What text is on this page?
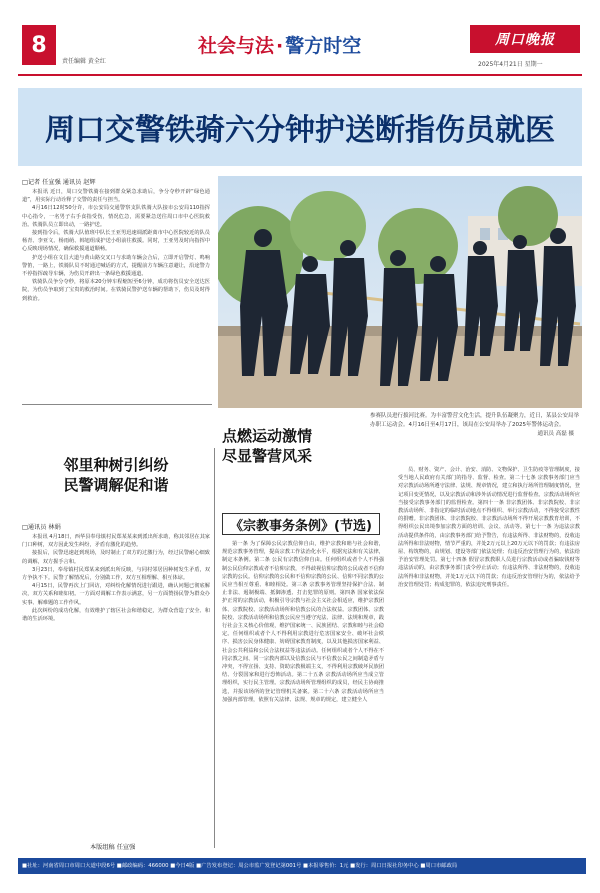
8
责任编辑 黄全红
社会与法 · 警方时空	周口晚报
2025年4月21日 星期一
周口交警铁骑六分钟护送断指伤员就医
□记者 任宣强 通讯员 赵辉
本报讯 近日，周口交警铁骑在接到群众紧急求助后，争分夺秒开辟“绿色通道”，用实际行动诠释了交警的责任与担当。
4月16日12时50分许，市公安局交通警察支队铁骑大队接市公安局110指挥中心指令，一名男子右手食指受伤，情况危急，需要紧急送往周口市中心医院救治。铁骑队员立即出动，一路护送。
接到指令后，铁骑大队值班中队长王亚男迅速调派距离市中心医院较近的队员杨青、李亚文、杨雨萌、韩旭组成护送小组前往救援。同时，王亚男及时向指挥中心反映现场情况，确保救援通道顺畅。
护送小组在文昌大道与黄山路交叉口与求助车辆会合后，立即开启警灯、鸣响警笛，一路上，铁骑队员不时通过喊话的方式，提醒前方车辆注意避让，沿途警力不停指挥疏导车辆，为伤员开辟出一条绿色救援通道。
铁骑队员争分夺秒，将原本20分钟车程缩短至6分钟，成功将伤员安全送达医院，为伤员争取到了宝贵的救治时间。在铁骑民警护送车辆的帮助下，伤员及时得到救治。
点燃运动激情
尽显警营风采
参赛队员进行拔河比赛。为丰富警营文化生活，提升队伍凝聚力，近日，某县公安局举办职工运动会。4月16日至4月17日，该局在公安局举办了2025年警体运动会。
通讯员 高磊 摄
邻里种树引纠纷
民警调解促和谐
□通讯员 林娟
本报讯 4月18日，西华县奉母镇村民郑某某来到派出所求助，称其邻居在其家门口种树，双方因此发生纠纷，矛盾有激化的趋势。
接报后，民警迅速赶到现场，及时制止了双方的过激行为，经过民警耐心细致的调解，双方握手言和。
3月23日，奉母镇村民郑某来到派出所反映，与同村邻居因种树发生矛盾，双方争执不下。民警了解情况后，分别做工作，双方互相理解、相互体谅。
4月15日，民警再次上门回访，对纠纷化解情况进行跟进，确认问题已彻底解决，双方关系和睦如初。一方面对调解工作表示满意，另一方面赞扬民警为群众办实事、解难题的工作作风。
此次纠纷的成功化解，有效维护了辖区社会和谐稳定，为群众营造了安全、和谐的生活环境。
本版组稿 任宣强
《宗教事务条例》(节选)
第一条 为了保障公民宗教信仰自由，维护宗教和睦与社会和谐，规范宗教事务管理，提高宗教工作法治化水平，根据宪法和有关法律，制定本条例。第二条 公民有宗教信仰自由。任何组织或者个人不得强制公民信仰宗教或者不信仰宗教，不得歧视信仰宗教的公民或者不信仰宗教的公民。信仰宗教的公民和不信仰宗教的公民、信仰不同宗教的公民应当相互尊重、和睦相处。第三条 宗教事务管理坚持保护合法、制止非法、遏制极端、抵御渗透、打击犯罪的原则。第四条 国家依法保护正常的宗教活动，积极引导宗教与社会主义社会相适应，维护宗教团体、宗教院校、宗教活动场所和信教公民的合法权益。宗教团体、宗教院校、宗教活动场所和信教公民应当遵守宪法、法律、法规和规章，践行社会主义核心价值观，维护国家统一、民族团结、宗教和睦与社会稳定。任何组织或者个人不得利用宗教进行危害国家安全、破坏社会秩序、损害公民身体健康、妨碍国家教育制度，以及其他损害国家利益、社会公共利益和公民合法权益等违法活动。任何组织或者个人不得在不同宗教之间、同一宗教内部以及信教公民与不信教公民之间制造矛盾与冲突，不得宣扬、支持、资助宗教极端主义，不得利用宗教破坏民族团结、分裂国家和进行恐怖活动。第二十五条 宗教活动场所应当成立管理组织，实行民主管理。宗教活动场所管理组织的成员，经民主协商推选，并报该场所的登记管理机关备案。第二十六条 宗教活动场所应当加强内部管理，依照有关法律、法规、规章的规定，建立健全人
员、财务、资产、会计、治安、消防、文物保护、卫生防疫等管理制度，接受当地人民政府有关部门的指导、监督、检查。第二十七条 宗教事务部门应当对宗教活动场所遵守法律、法规、规章情况，建立和执行场所管理制度情况，登记项目变更情况，以及宗教活动和涉外活动情况进行监督检查。宗教活动场所应当接受宗教事务部门的监督检查。第四十一条 非宗教团体、非宗教院校、非宗教活动场所、非指定的临时活动地点不得组织、举行宗教活动，不得接受宗教性的捐赠。非宗教团体、非宗教院校、非宗教活动场所不得开展宗教教育培训，不得组织公民出境参加宗教方面的培训、会议、活动等。第七十一条 为违法宗教活动提供条件的，由宗教事务部门给予警告，有违法所得、非法财物的，没收违法所得和非法财物，情节严重的，并处2万元以上20万元以下的罚款；有违法房屋、构筑物的，由规划、建设等部门依法处理；有违反治安管理行为的，依法给予治安管理处罚。第七十四条 假冒宗教教职人员进行宗教活动或者骗取钱财等违法活动的，由宗教事务部门责令停止活动；有违法所得、非法财物的，没收违法所得和非法财物，并处1万元以下的罚款；有违反治安管理行为的，依法给予治安管理处罚；构成犯罪的，依法追究刑事责任。
■社址：河南省周口市周口大道中段6号 ■邮政编码：466000 ■今日4版 ■广告发布登记：周公市监广发登记第001号 ■本报零售价：1元 ■发行：周口日报社印务中心 ■周口市邮政局
